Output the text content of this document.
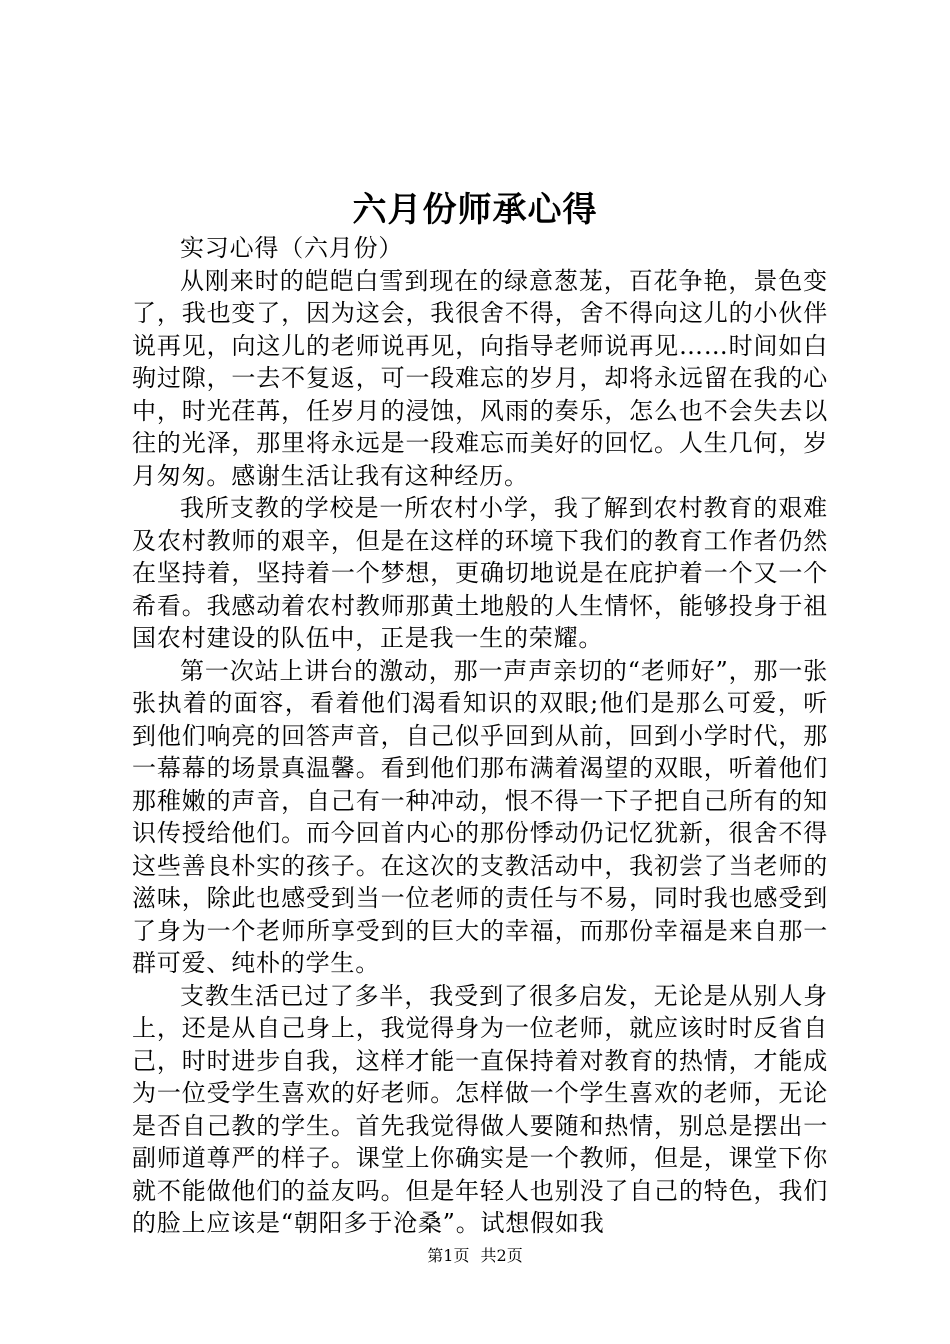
六月份师承心得

实习心得（六月份）

从刚来时的皑皑白雪到现在的绿意葱茏，百花争艳，景色变了，我也变了，因为这会，我很舍不得，舍不得向这儿的小伙伴说再见，向这儿的老师说再见，向指导老师说再见……时间如白驹过隙，一去不复返，可一段难忘的岁月，却将永远留在我的心中，时光荏苒，任岁月的浸蚀，风雨的奏乐，怎么也不会失去以往的光泽，那里将永远是一段难忘而美好的回忆。人生几何，岁月匆匆。感谢生活让我有这种经历。

我所支教的学校是一所农村小学，我了解到农村教育的艰难及农村教师的艰辛，但是在这样的环境下我们的教育工作者仍然在坚持着，坚持着一个梦想，更确切地说是在庇护着一个又一个希看。我感动着农村教师那黄土地般的人生情怀，能够投身于祖国农村建设的队伍中，正是我一生的荣耀。

第一次站上讲台的激动，那一声声亲切的“老师好”，那一张张执着的面容，看着他们渴看知识的双眼;他们是那么可爱，听到他们响亮的回答声音，自己似乎回到从前，回到小学时代，那一幕幕的场景真温馨。看到他们那布满着渴望的双眼，听着他们那稚嫩的声音，自己有一种冲动，恨不得一下子把自己所有的知识传授给他们。而今回首内心的那份悸动仍记忆犹新，很舍不得这些善良朴实的孩子。在这次的支教活动中，我初尝了当老师的滋味，除此也感受到当一位老师的责任与不易，同时我也感受到了身为一个老师所享受到的巨大的幸福，而那份幸福是来自那一群可爱、纯朴的学生。

支教生活已过了多半，我受到了很多启发，无论是从别人身上，还是从自己身上，我觉得身为一位老师，就应该时时反省自己，时时进步自我，这样才能一直保持着对教育的热情，才能成为一位受学生喜欢的好老师。怎样做一个学生喜欢的老师，无论是否自己教的学生。首先我觉得做人要随和热情，别总是摆出一副师道尊严的样子。课堂上你确实是一个教师，但是，课堂下你就不能做他们的益友吗。但是年轻人也别没了自己的特色，我们的脸上应该是“朝阳多于沧桑”。试想假如我

第1页 共2页
